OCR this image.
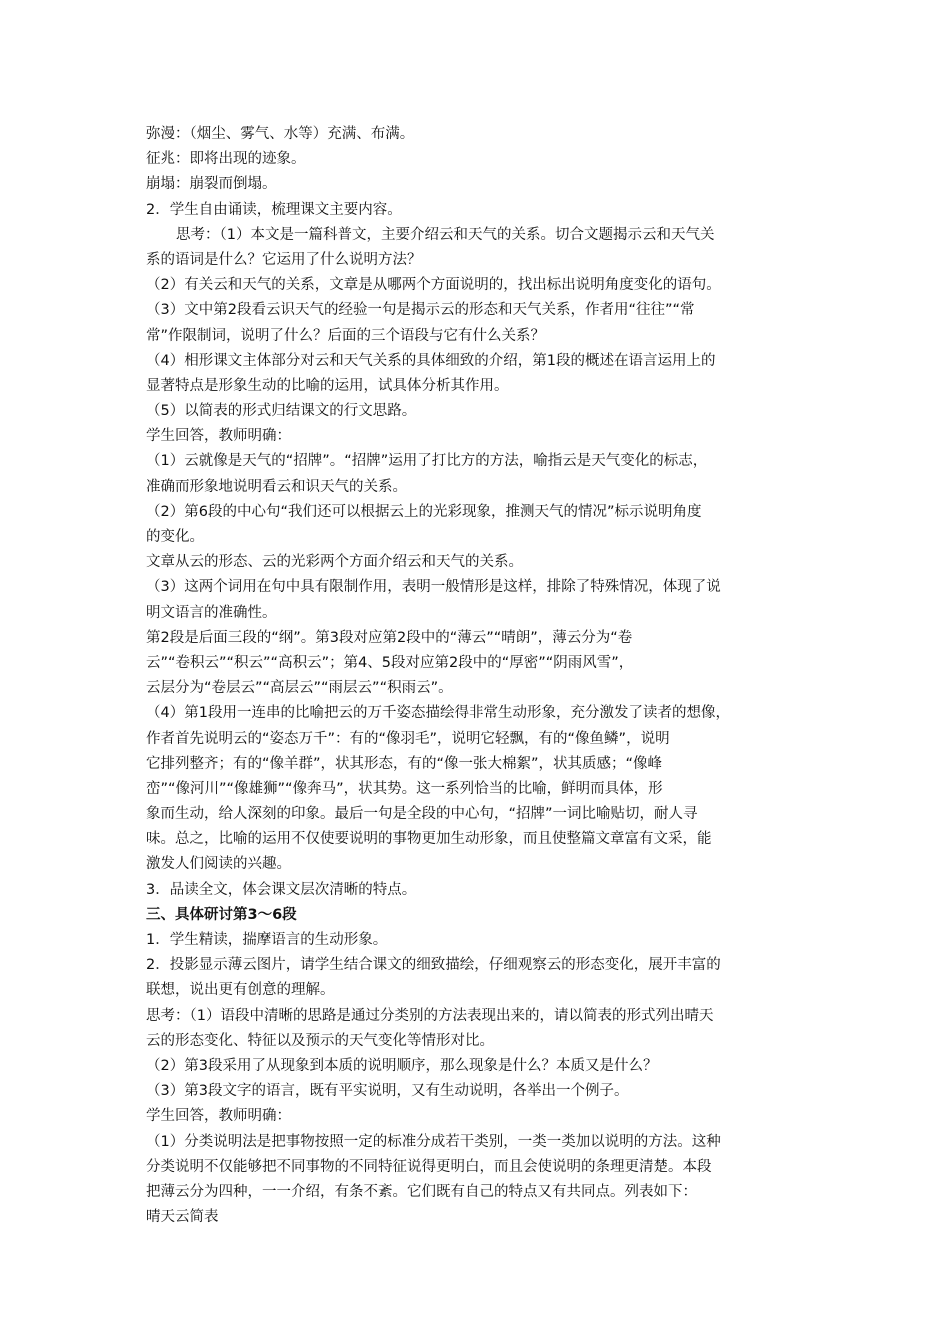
弥漫：（烟尘、雾气、水等）充满、布满。
征兆：即将出现的迹象。
崩塌：崩裂而倒塌。
2．学生自由诵读，梳理课文主要内容。
思考：（1）本文是一篇科普文，主要介绍云和天气的关系。切合文题揭示云和天气关
系的语词是什么？它运用了什么说明方法？
（2）有关云和天气的关系，文章是从哪两个方面说明的，找出标出说明角度变化的语句。
（3）文中第2段看云识天气的经验一句是揭示云的形态和天气关系，作者用“往往”“常
常”作限制词，说明了什么？后面的三个语段与它有什么关系？
（4）相形课文主体部分对云和天气关系的具体细致的介绍，第1段的概述在语言运用上的
显著特点是形象生动的比喻的运用，试具体分析其作用。
（5）以简表的形式归结课文的行文思路。
学生回答，教师明确：
（1）云就像是天气的“招牌”。“招牌”运用了打比方的方法，喻指云是天气变化的标志，
准确而形象地说明看云和识天气的关系。
（2）第6段的中心句“我们还可以根据云上的光彩现象，推测天气的情况”标示说明角度
的变化。
文章从云的形态、云的光彩两个方面介绍云和天气的关系。
（3）这两个词用在句中具有限制作用，表明一般情形是这样，排除了特殊情况，体现了说
明文语言的准确性。
第2段是后面三段的“纲”。第3段对应第2段中的“薄云”“晴朗”，薄云分为“卷
云”“卷积云”“积云”“高积云”；第4、5段对应第2段中的“厚密”“阴雨风雪”，
云层分为“卷层云”“高层云”“雨层云”“积雨云”。
（4）第1段用一连串的比喻把云的万千姿态描绘得非常生动形象，充分激发了读者的想像，
作者首先说明云的“姿态万千”：有的“像羽毛”，说明它轻飘，有的“像鱼鳞”，说明
它排列整齐；有的“像羊群”，状其形态，有的“像一张大棉絮”，状其质感；“像峰
峦”“像河川”“像雄狮”“像奔马”，状其势。这一系列恰当的比喻，鲜明而具体，形
象而生动，给人深刻的印象。最后一句是全段的中心句，“招牌”一词比喻贴切，耐人寻
味。总之，比喻的运用不仅使要说明的事物更加生动形象，而且使整篇文章富有文采，能
激发人们阅读的兴趣。
3．品读全文，体会课文层次清晰的特点。
三、具体研讨第3～6段
1．学生精读，揣摩语言的生动形象。
2．投影显示薄云图片，请学生结合课文的细致描绘，仔细观察云的形态变化，展开丰富的
联想，说出更有创意的理解。
思考：（1）语段中清晰的思路是通过分类别的方法表现出来的，请以简表的形式列出晴天
云的形态变化、特征以及预示的天气变化等情形对比。
（2）第3段采用了从现象到本质的说明顺序，那么现象是什么？本质又是什么？
（3）第3段文字的语言，既有平实说明，又有生动说明，各举出一个例子。
学生回答，教师明确：
（1）分类说明法是把事物按照一定的标准分成若干类别，一类一类加以说明的方法。这种
分类说明不仅能够把不同事物的不同特征说得更明白，而且会使说明的条理更清楚。本段
把薄云分为四种，一一介绍，有条不紊。它们既有自己的特点又有共同点。列表如下：
晴天云简表
